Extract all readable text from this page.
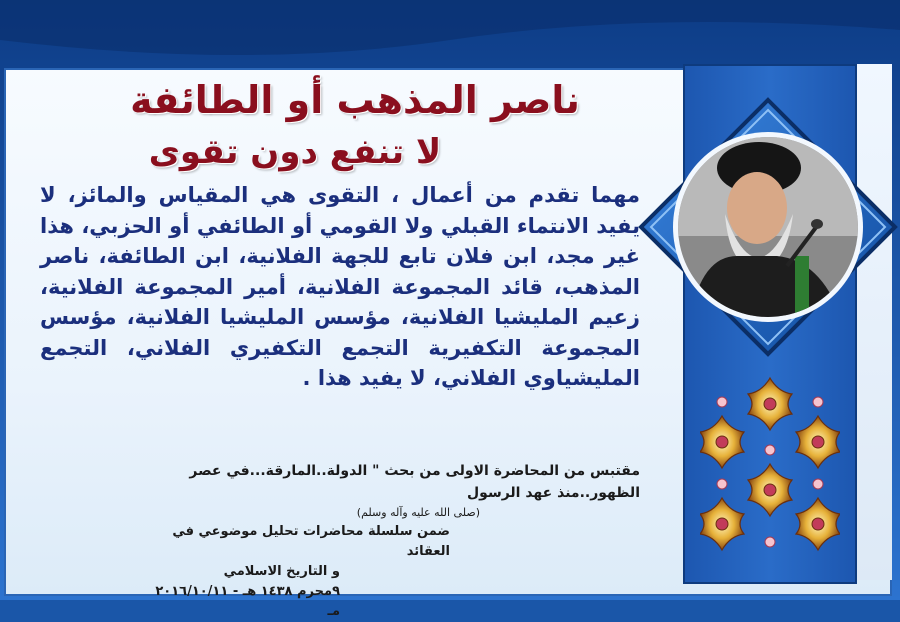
ناصر المذهب أو الطائفة
لا تنفع دون تقوى
مهما تقدم من أعمال ، التقوى هي المقياس والمائز، لا يفيد الانتماء القبلي ولا القومي أو الطائفي أو الحزبي، هذا غير مجد، ابن فلان تابع للجهة الفلانية، ابن الطائفة، ناصر المذهب، قائد المجموعة الفلانية، أمير المجموعة الفلانية، زعيم المليشيا الفلانية، مؤسس المليشيا الفلانية، مؤسس المجموعة التكفيرية التجمع التكفيري الفلاني، التجمع المليشياوي الفلاني، لا يفيد هذا .
مقتبس من المحاضرة الاولى من بحث " الدولة..المارقة...في عصر الظهور..منذ عهد الرسول
(صلى الله عليه وآله وسلم)
ضمن سلسلة محاضرات تحليل موضوعي في العقائد
و التاريخ الاسلامي
٩محرم ١٤٣٨ هـ - ٢٠١٦/١٠/١١ مـ
